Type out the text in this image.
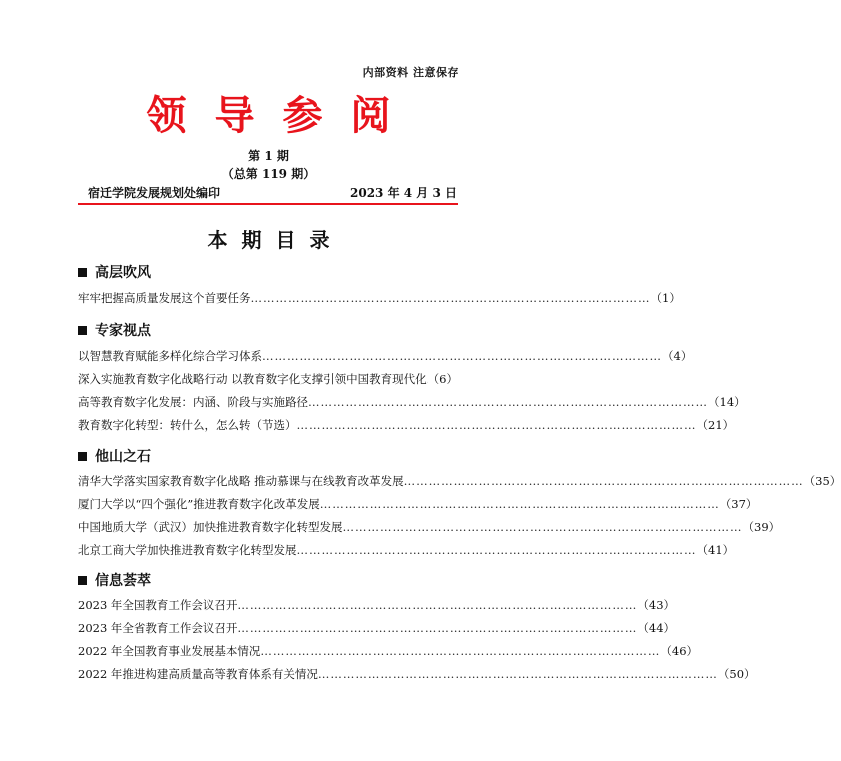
内部资料 注意保存
领导参阅
第 1 期
（总第 119 期）
宿迁学院发展规划处编印	2023 年 4 月 3 日
本期目录
高层吹风
牢牢把握高质量发展这个首要任务 …………………………………………………………………………………… （1）
专家视点
以智慧教育赋能多样化综合学习体系 …………………………………………………………………………………… （4）
深入实施教育数字化战略行动 以教育数字化支撑引领中国教育现代化 （6）
高等教育数字化发展：内涵、阶段与实施路径 …………………………………………………………………………………… （14）
教育数字化转型：转什么，怎么转（节选） …………………………………………………………………………………… （21）
他山之石
清华大学落实国家教育数字化战略 推动慕课与在线教育改革发展 …………………………………………………………………………………… （35）
厦门大学以“四个强化”推进教育数字化改革发展 …………………………………………………………………………………… （37）
中国地质大学（武汉）加快推进教育数字化转型发展 …………………………………………………………………………………… （39）
北京工商大学加快推进教育数字化转型发展 …………………………………………………………………………………… （41）
信息荟萃
2023 年全国教育工作会议召开 …………………………………………………………………………………… （43）
2023 年全省教育工作会议召开 …………………………………………………………………………………… （44）
2022 年全国教育事业发展基本情况 …………………………………………………………………………………… （46）
2022 年推进构建高质量高等教育体系有关情况 …………………………………………………………………………………… （50）
